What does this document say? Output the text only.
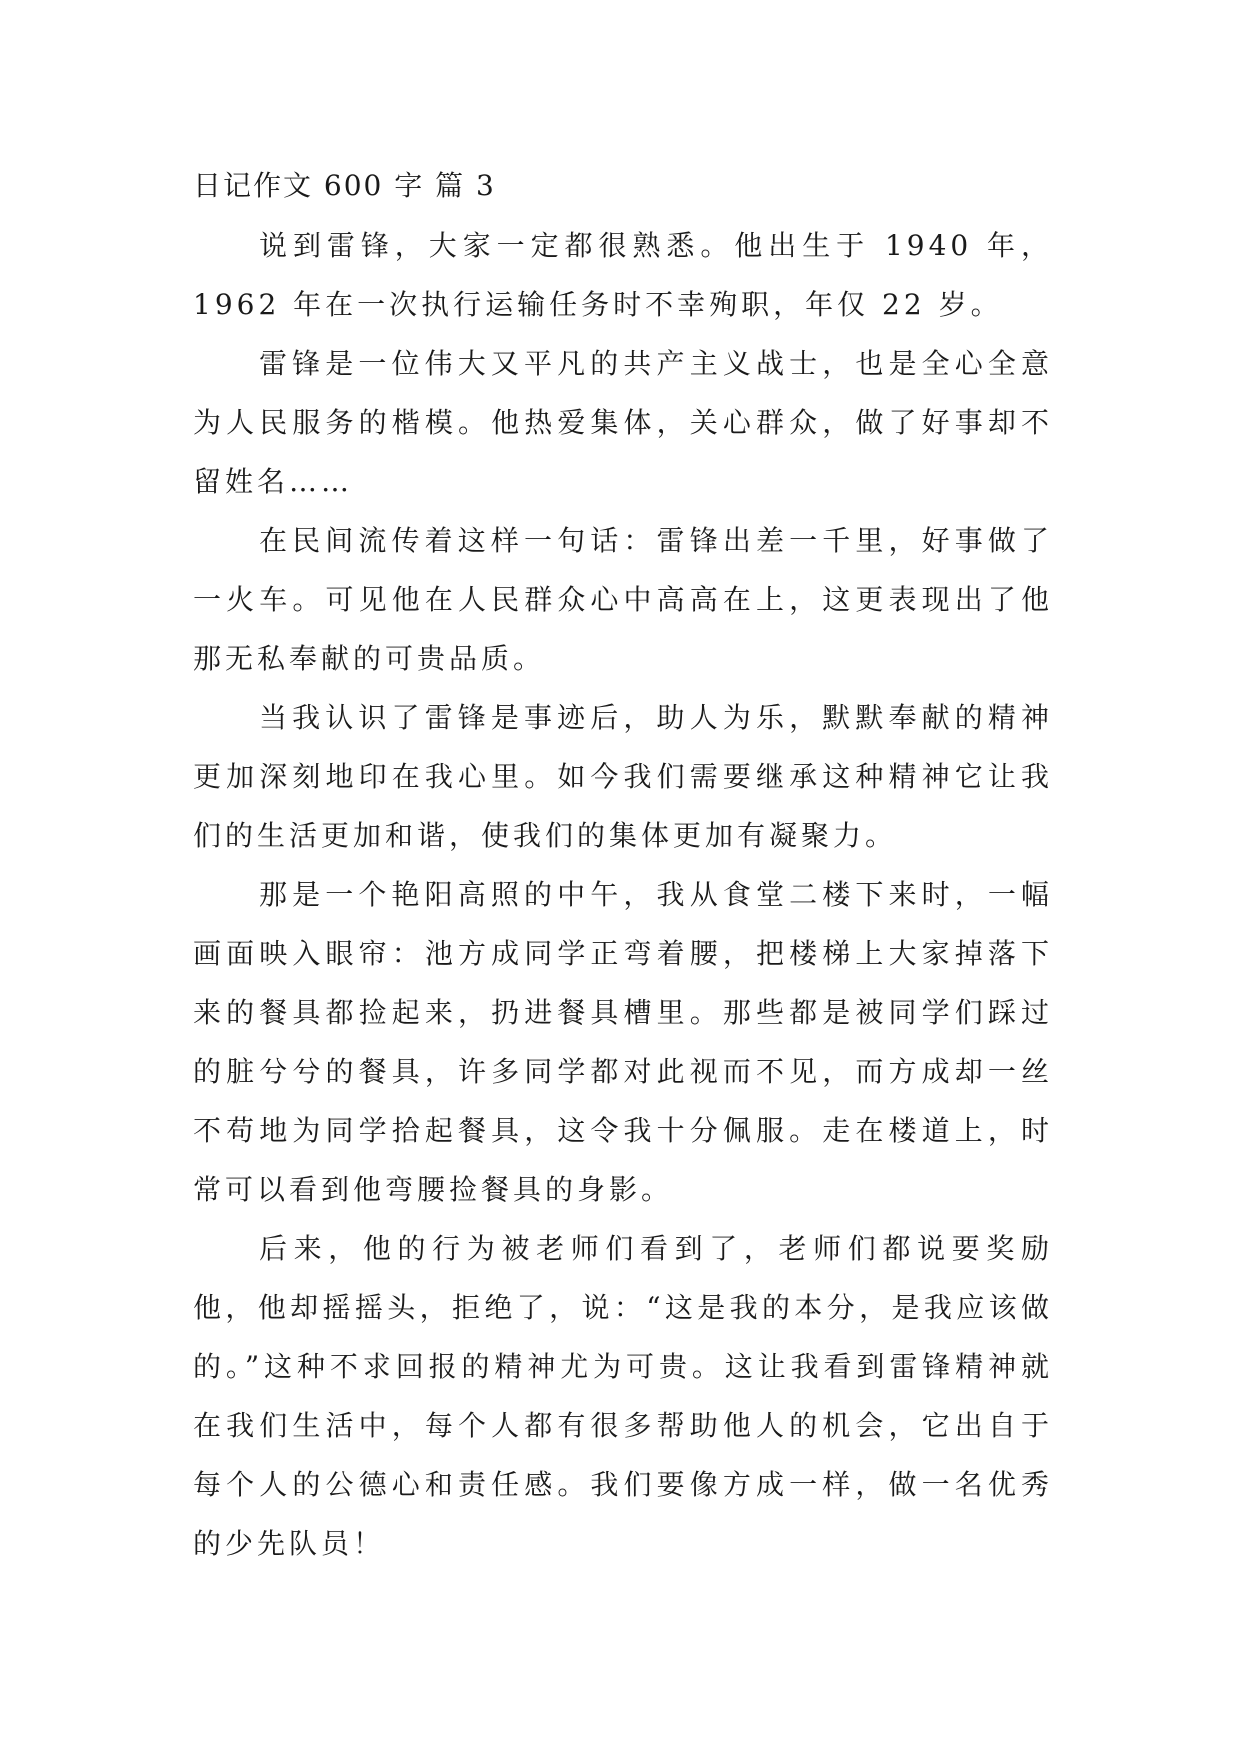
日记作文 600 字 篇 3

说到雷锋，大家一定都很熟悉。他出生于 1940 年，1962 年在一次执行运输任务时不幸殉职，年仅 22 岁。

雷锋是一位伟大又平凡的共产主义战士，也是全心全意为人民服务的楷模。他热爱集体，关心群众，做了好事却不留姓名……

在民间流传着这样一句话：雷锋出差一千里，好事做了一火车。可见他在人民群众心中高高在上，这更表现出了他那无私奉献的可贵品质。

当我认识了雷锋是事迹后，助人为乐，默默奉献的精神更加深刻地印在我心里。如今我们需要继承这种精神它让我们的生活更加和谐，使我们的集体更加有凝聚力。

那是一个艳阳高照的中午，我从食堂二楼下来时，一幅画面映入眼帘：池方成同学正弯着腰，把楼梯上大家掉落下来的餐具都捡起来，扔进餐具槽里。那些都是被同学们踩过的脏兮兮的餐具，许多同学都对此视而不见，而方成却一丝不苟地为同学拾起餐具，这令我十分佩服。走在楼道上，时常可以看到他弯腰捡餐具的身影。

后来，他的行为被老师们看到了，老师们都说要奖励他，他却摇摇头，拒绝了，说：“这是我的本分，是我应该做的。”这种不求回报的精神尤为可贵。这让我看到雷锋精神就在我们生活中，每个人都有很多帮助他人的机会，它出自于每个人的公德心和责任感。我们要像方成一样，做一名优秀的少先队员！
